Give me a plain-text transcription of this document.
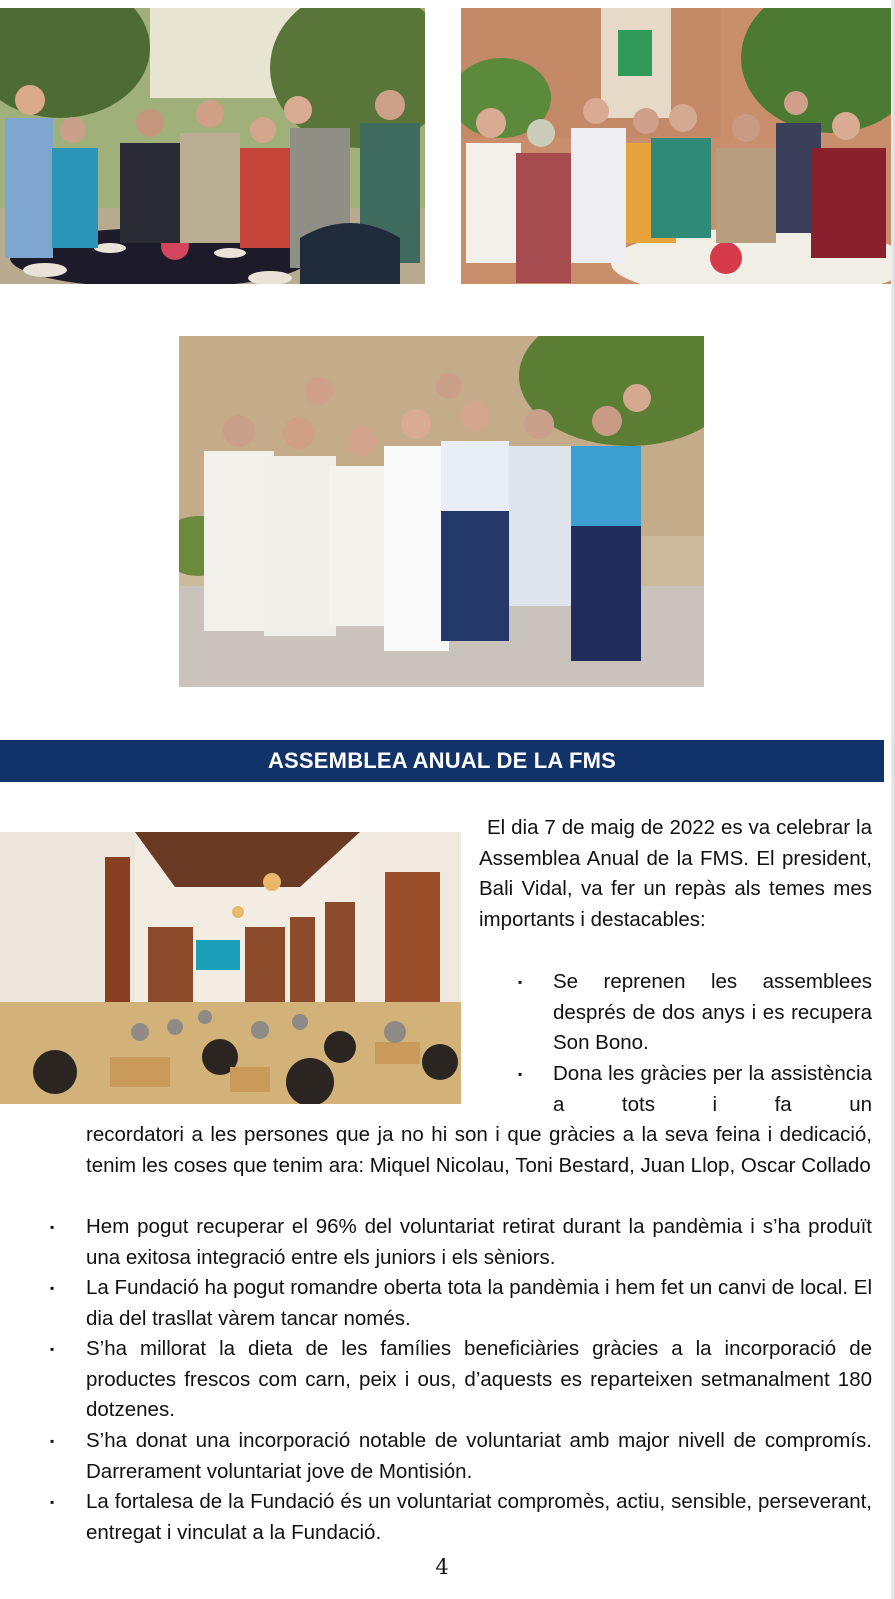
ASSEMBLEA ANUAL DE LA FMS
El dia 7 de maig de 2022 es va celebrar la Assemblea Anual de la FMS. El president, Bali Vidal, va fer un repàs als temes mes importants i destacables:
▪ Se reprenen les assemblees després de dos anys i es recupera Son Bono.
▪ Dona les gràcies per la assistència a tots i fa un
recordatori a les persones que ja no hi son i que gràcies a la seva feina i dedicació, tenim les coses que tenim ara: Miquel Nicolau, Toni Bestard, Juan Llop, Oscar Collado
▪ Hem pogut recuperar el 96% del voluntariat retirat durant la pandèmia i s’ha produït una exitosa integració entre els juniors i els sèniors.
▪ La Fundació ha pogut romandre oberta tota la pandèmia i hem fet un canvi de local. El dia del trasllat vàrem tancar només.
▪ S’ha millorat la dieta de les famílies beneficiàries gràcies a la incorporació de productes frescos com carn, peix i ous, d’aquests es reparteixen setmanalment 180 dotzenes.
▪ S’ha donat una incorporació notable de voluntariat amb major nivell de compromís. Darrerament voluntariat jove de Montisión.
▪ La fortalesa de la Fundació és un voluntariat compromès, actiu, sensible, perseverant, entregat i vinculat a la Fundació.
4
